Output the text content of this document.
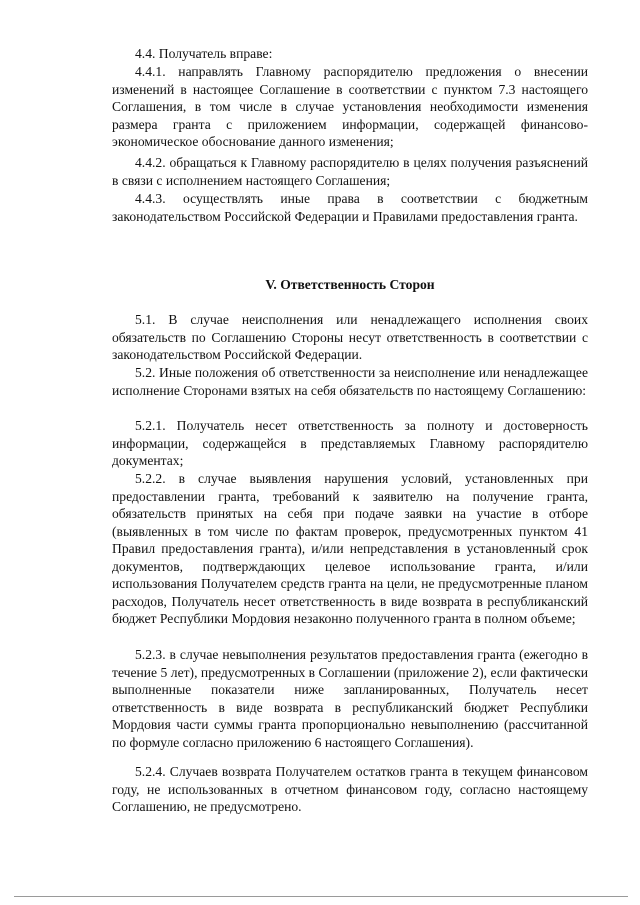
4.4. Получатель вправе:

4.4.1. направлять Главному распорядителю предложения о внесении изменений в настоящее Соглашение в соответствии с пунктом 7.3 настоящего Соглашения, в том числе в случае установления необходимости изменения размера гранта с приложением информации, содержащей финансово-экономическое обоснование данного изменения;

4.4.2. обращаться к Главному распорядителю в целях получения разъяснений в связи с исполнением настоящего Соглашения;

4.4.3. осуществлять иные права в соответствии с бюджетным законодательством Российской Федерации и Правилами предоставления гранта.

V. Ответственность Сторон

5.1. В случае неисполнения или ненадлежащего исполнения своих обязательств по Соглашению Стороны несут ответственность в соответствии с законодательством Российской Федерации.

5.2. Иные положения об ответственности за неисполнение или ненадлежащее исполнение Сторонами взятых на себя обязательств по настоящему Соглашению:

5.2.1. Получатель несет ответственность за полноту и достоверность информации, содержащейся в представляемых Главному распорядителю документах;

5.2.2. в случае выявления нарушения условий, установленных при предоставлении гранта, требований к заявителю на получение гранта, обязательств принятых на себя при подаче заявки на участие в отборе (выявленных в том числе по фактам проверок, предусмотренных пунктом 41 Правил предоставления гранта), и/или непредставления в установленный срок документов, подтверждающих целевое использование гранта, и/или использования Получателем средств гранта на цели, не предусмотренные планом расходов, Получатель несет ответственность в виде возврата в республиканский бюджет Республики Мордовия незаконно полученного гранта в полном объеме;

5.2.3. в случае невыполнения результатов предоставления гранта (ежегодно в течение 5 лет), предусмотренных в Соглашении (приложение 2), если фактически выполненные показатели ниже запланированных, Получатель несет ответственность в виде возврата в республиканский бюджет Республики Мордовия части суммы гранта пропорционально невыполнению (рассчитанной по формуле согласно приложению 6 настоящего Соглашения).

5.2.4. Случаев возврата Получателем остатков гранта в текущем финансовом году, не использованных в отчетном финансовом году, согласно настоящему Соглашению, не предусмотрено.
